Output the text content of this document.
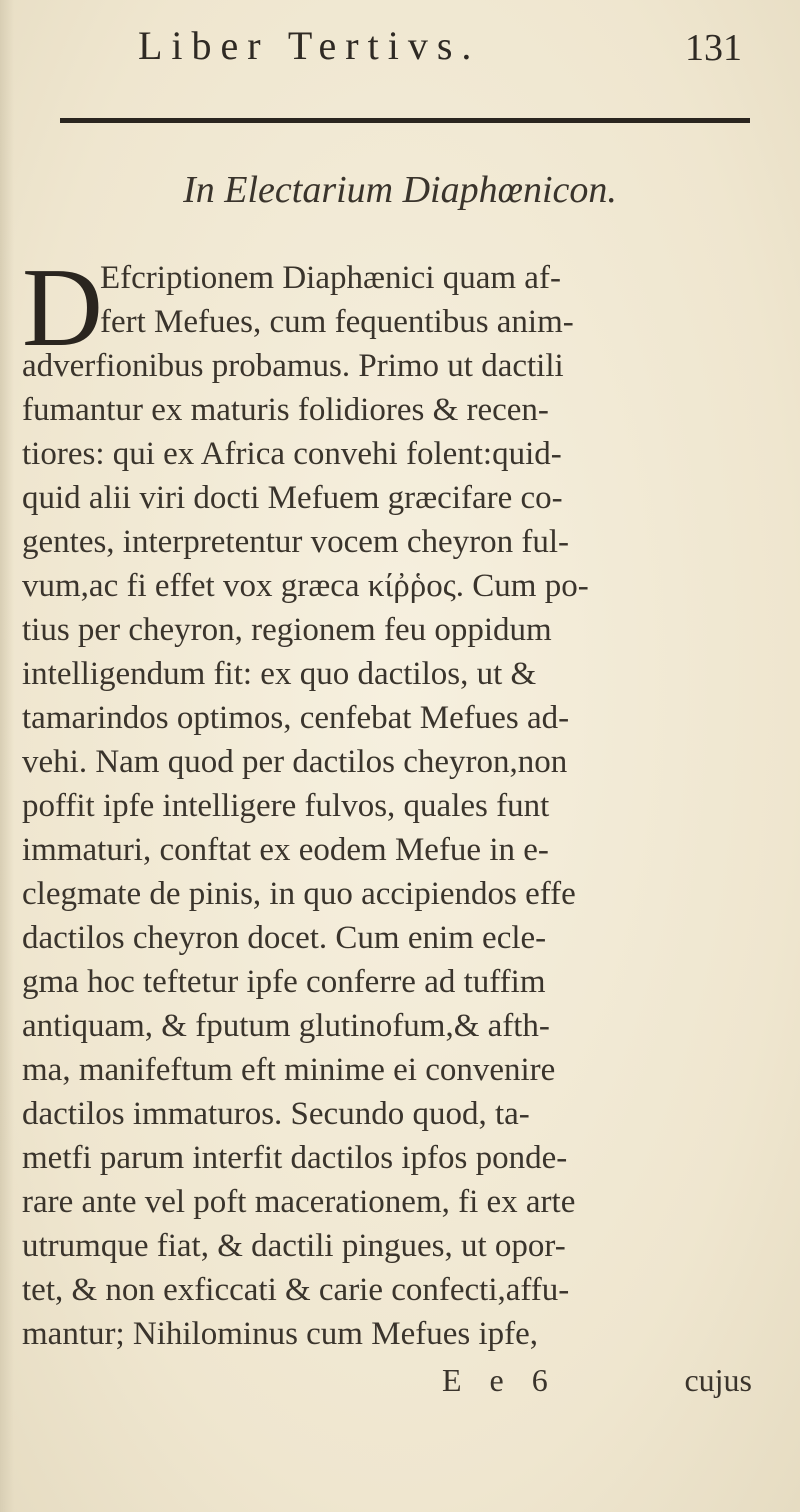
Liber Tertivs.	131
In Electarium Diaphœnicon.
D
Efcriptionem Diaphænici quam af-
fert Mefues, cum fequentibus anim-
adverfionibus probamus. Primo ut dactili
fumantur ex maturis folidiores & recen-
tiores: qui ex Africa convehi folent:quid-
quid alii viri docti Mefuem græcifare co-
gentes, interpretentur vocem cheyron ful-
vum,ac fi effet vox græca κίῤῥος. Cum po-
tius per cheyron, regionem feu oppidum
intelligendum fit: ex quo dactilos, ut &
tamarindos optimos, cenfebat Mefues ad-
vehi. Nam quod per dactilos cheyron,non
poffit ipfe intelligere fulvos, quales funt
immaturi, conftat ex eodem Mefue in e-
clegmate de pinis, in quo accipiendos effe
dactilos cheyron docet. Cum enim ecle-
gma hoc teftetur ipfe conferre ad tuffim
antiquam, & fputum glutinofum,& afth-
ma, manifeftum eft minime ei convenire
dactilos immaturos. Secundo quod, ta-
metfi parum interfit dactilos ipfos ponde-
rare ante vel poft macerationem, fi ex arte
utrumque fiat, & dactili pingues, ut opor-
tet, & non exficcati & carie confecti,affu-
mantur; Nihilominus cum Mefues ipfe,
E e 6	cujus
